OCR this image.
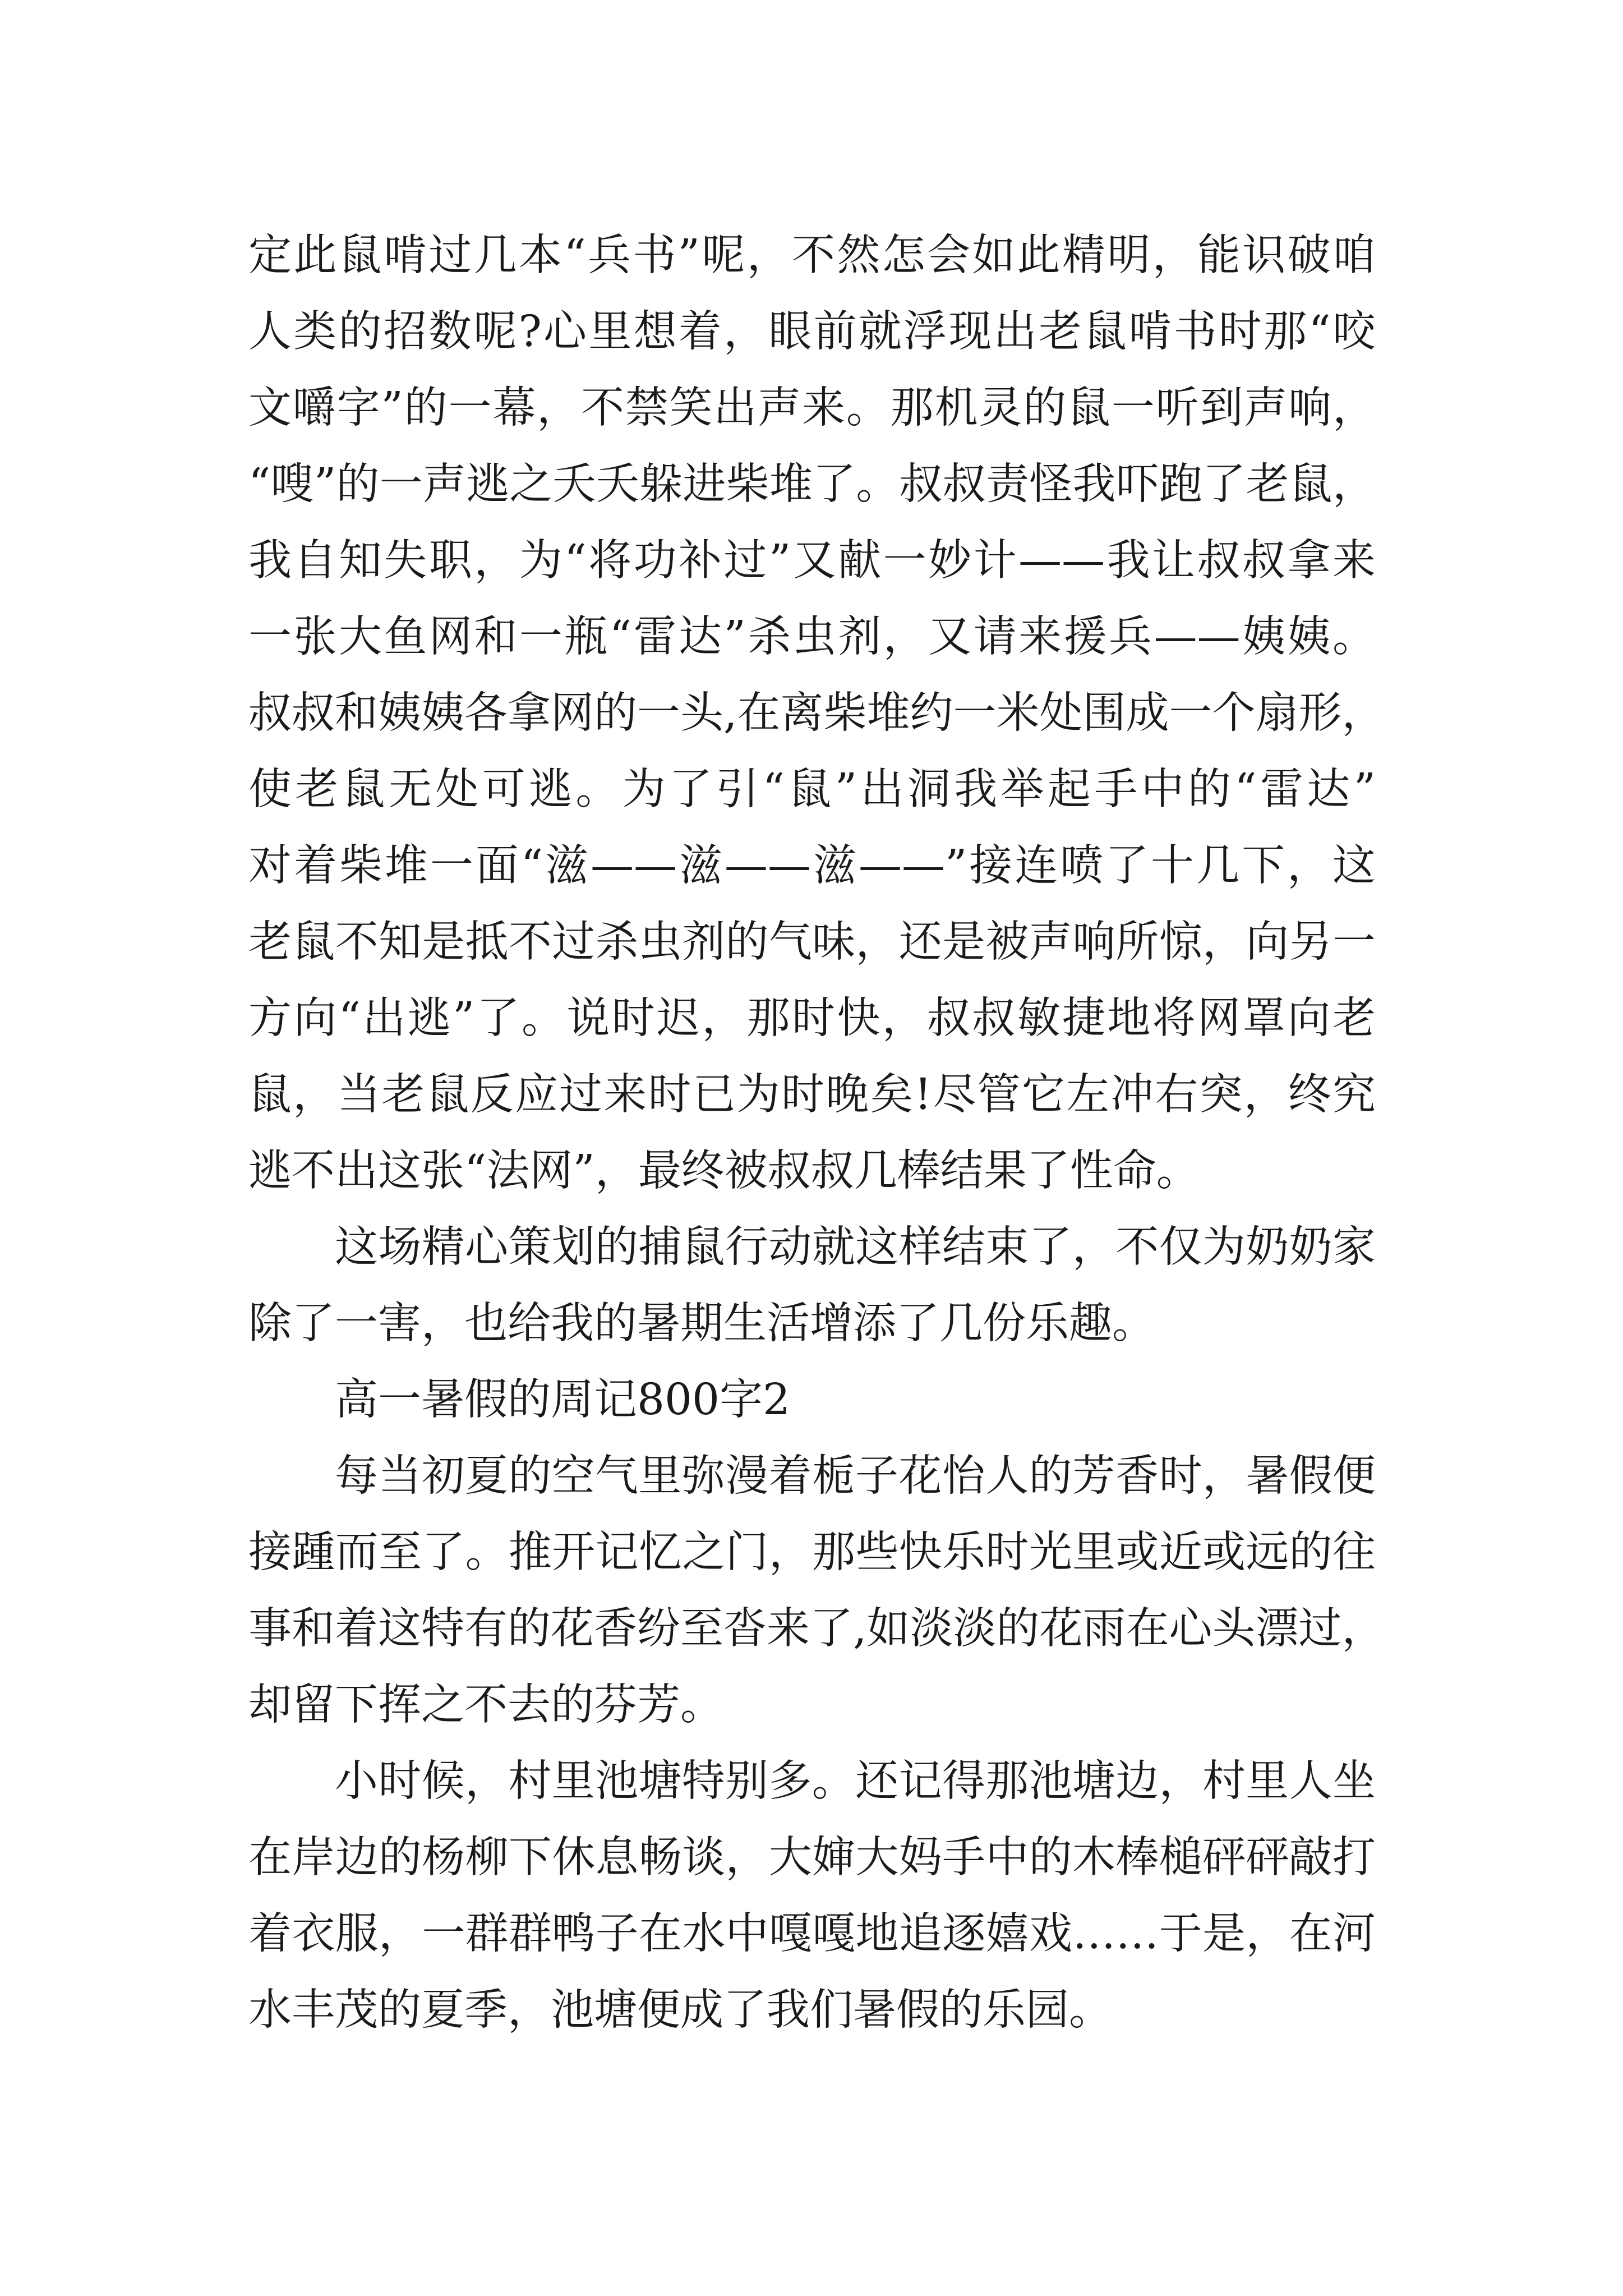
定此鼠啃过几本“兵书”呢，不然怎会如此精明，能识破咱
人类的招数呢?心里想着，眼前就浮现出老鼠啃书时那“咬
文嚼字”的一幕，不禁笑出声来。那机灵的鼠一听到声响，
“嗖”的一声逃之夭夭躲进柴堆了。叔叔责怪我吓跑了老鼠，
我自知失职，为“将功补过”又献一妙计——我让叔叔拿来
一张大鱼网和一瓶“雷达”杀虫剂，又请来援兵——姨姨。
叔叔和姨姨各拿网的一头,在离柴堆约一米处围成一个扇形，
使老鼠无处可逃。为了引“鼠”出洞我举起手中的“雷达”
对着柴堆一面“滋——滋——滋——”接连喷了十几下，这
老鼠不知是抵不过杀虫剂的气味，还是被声响所惊，向另一
方向“出逃”了。说时迟，那时快，叔叔敏捷地将网罩向老
鼠，当老鼠反应过来时已为时晚矣!尽管它左冲右突，终究
逃不出这张“法网”，最终被叔叔几棒结果了性命。
这场精心策划的捕鼠行动就这样结束了，不仅为奶奶家
除了一害，也给我的暑期生活增添了几份乐趣。
高一暑假的周记800字2
每当初夏的空气里弥漫着栀子花怡人的芳香时，暑假便
接踵而至了。推开记忆之门，那些快乐时光里或近或远的往
事和着这特有的花香纷至沓来了,如淡淡的花雨在心头漂过，
却留下挥之不去的芬芳。
小时候，村里池塘特别多。还记得那池塘边，村里人坐
在岸边的杨柳下休息畅谈，大婶大妈手中的木棒槌砰砰敲打
着衣服，一群群鸭子在水中嘎嘎地追逐嬉戏……于是，在河
水丰茂的夏季，池塘便成了我们暑假的乐园。
